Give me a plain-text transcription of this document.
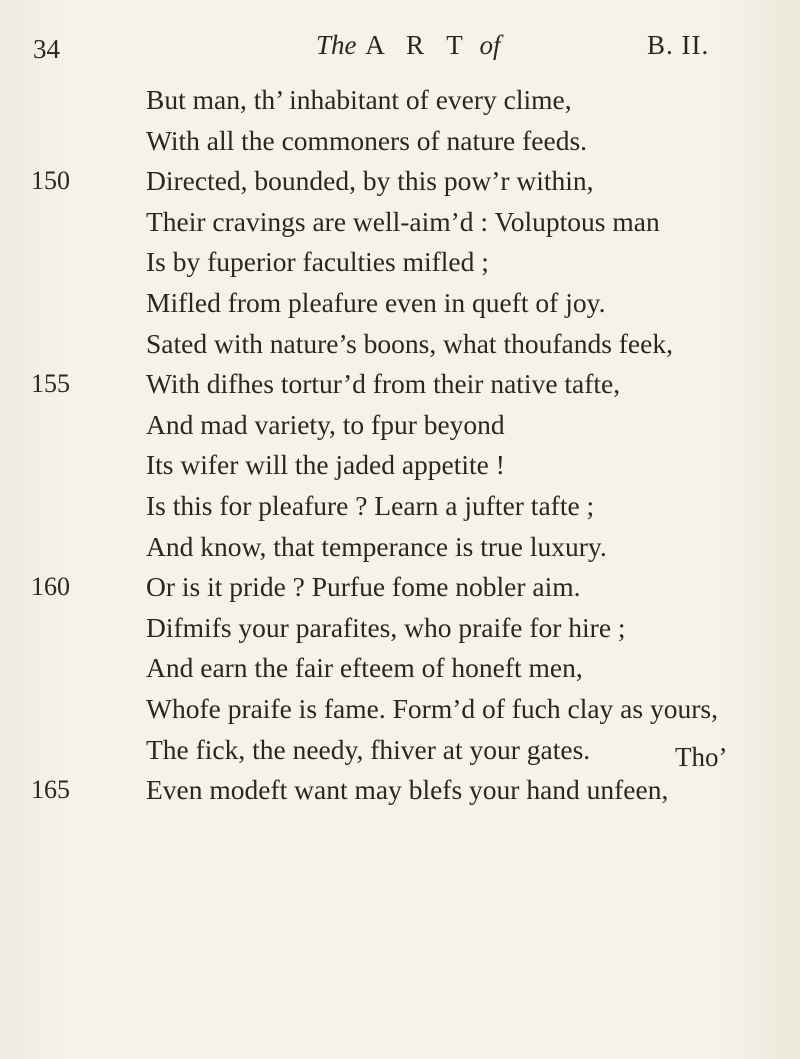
34	The A R T of	B. II.
But man, th’ inhabitant of every clime,
With all the commoners of nature feeds.
150	Directed, bounded, by this pow’r within,
Their cravings are well-aim’d : Voluptous man
Is by fuperior faculties mifled ;
Mifled from pleafure even in queft of joy.
Sated with nature’s boons, what thoufands feek,
155	With difhes tortur’d from their native tafte,
And mad variety, to fpur beyond
Its wifer will the jaded appetite !
Is this for pleafure ? Learn a jufter tafte ;
And know, that temperance is true luxury.
160	Or is it pride ? Purfue fome nobler aim.
Difmifs your parafites, who praife for hire ;
And earn the fair efteem of honeft men,
Whofe praife is fame. Form’d of fuch clay as yours,
The fick, the needy, fhiver at your gates.
165	Even modeft want may blefs your hand unfeen,
Tho’
